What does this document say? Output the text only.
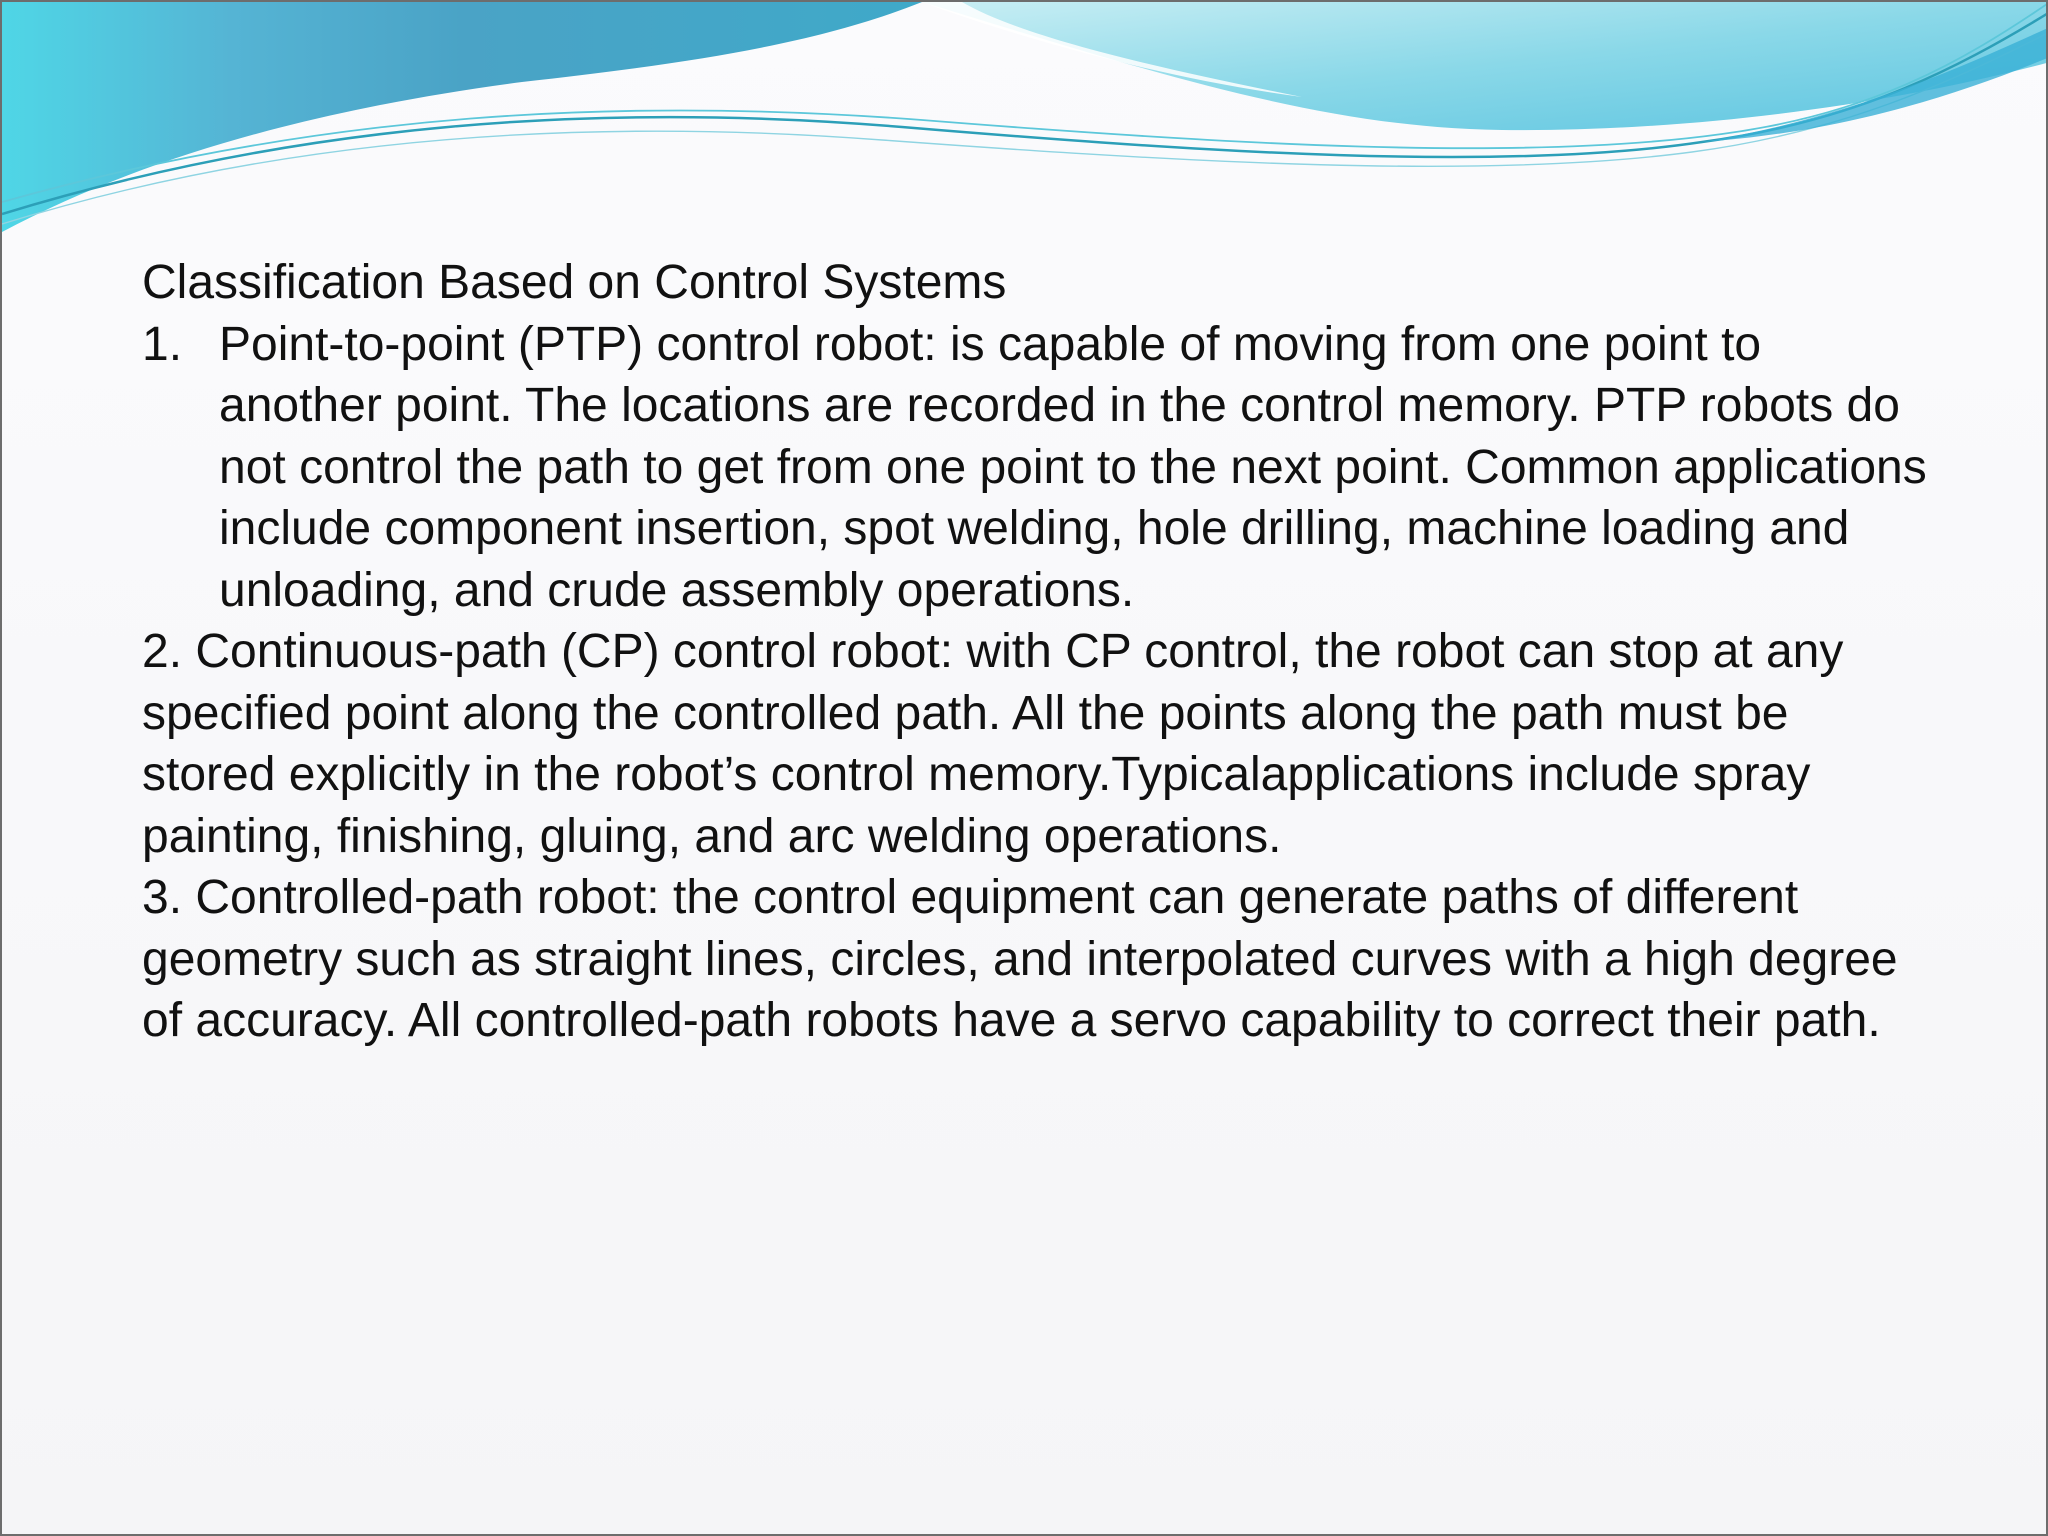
Classification Based on Control Systems

1. Point-to-point (PTP) control robot: is capable of moving from one point to another point. The locations are recorded in the control memory. PTP robots do not control the path to get from one point to the next point. Common applications include component insertion, spot welding, hole drilling, machine loading and unloading, and crude assembly operations.

2. Continuous-path (CP) control robot: with CP control, the robot can stop at any specified point along the controlled path. All the points along the path must be stored explicitly in the robot’s control memory.Typicalapplications include spray painting, finishing, gluing, and arc welding operations.

3. Controlled-path robot: the control equipment can generate paths of different geometry such as straight lines, circles, and interpolated curves with a high degree of accuracy. All controlled-path robots have a servo capability to correct their path.
